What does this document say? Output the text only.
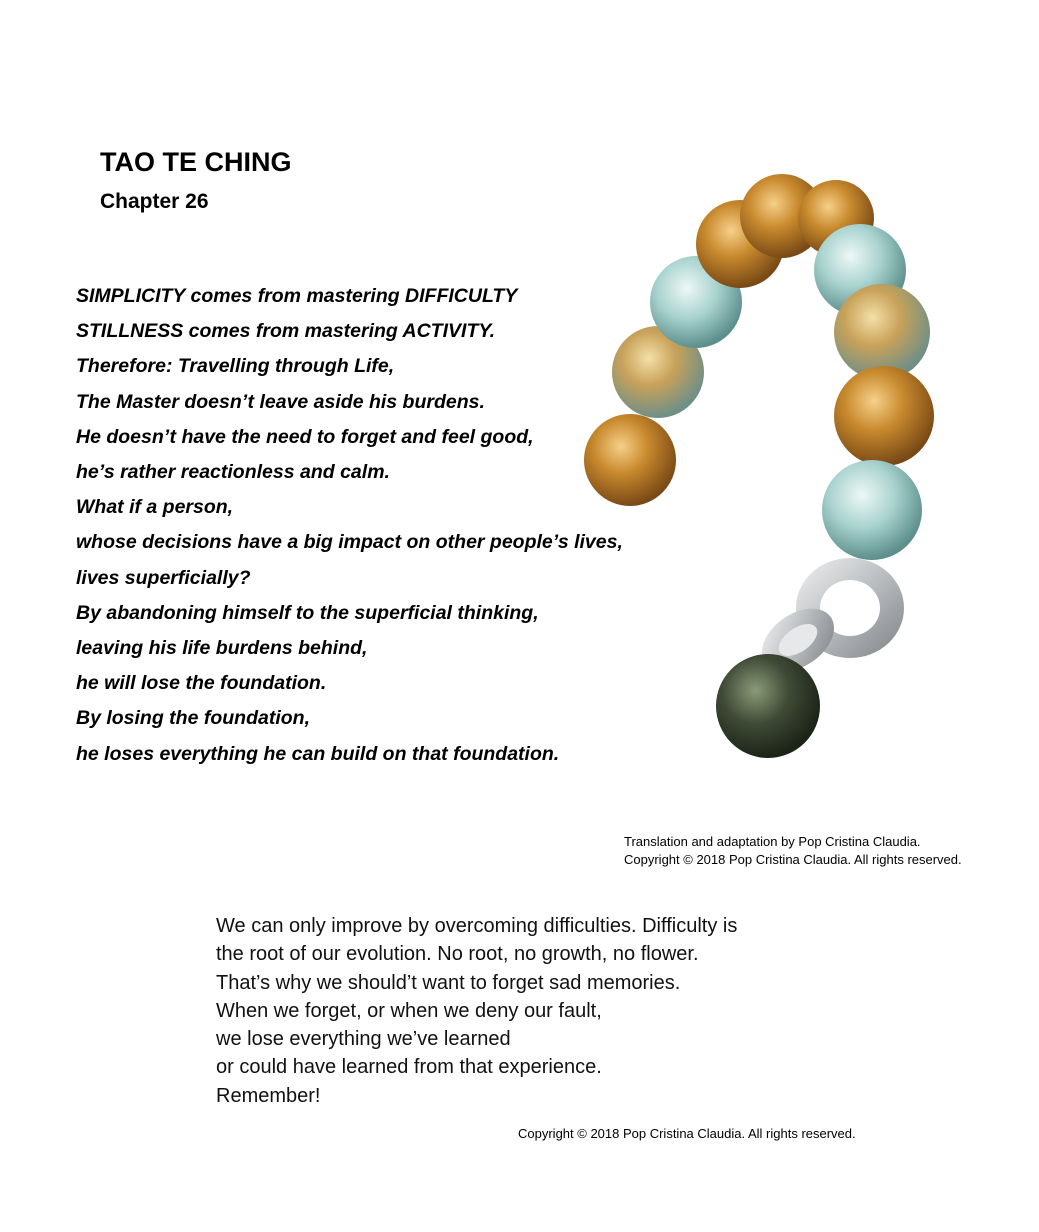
TAO TE CHING
Chapter 26
SIMPLICITY comes from mastering DIFFICULTY
STILLNESS comes from mastering ACTIVITY.
Therefore: Travelling through Life,
The Master doesn’t leave aside his burdens.
He doesn’t have the need to forget and feel good,
he’s rather reactionless and calm.
What if a person,
whose decisions have a big impact on other people’s lives,
lives superficially?
By abandoning himself to the superficial thinking,
leaving his life burdens behind,
he will lose the foundation.
By losing the foundation,
he loses everything he can build on that foundation.
Translation and adaptation by Pop Cristina Claudia.
Copyright © 2018 Pop Cristina Claudia. All rights reserved.
We can only improve by overcoming difficulties. Difficulty is
the root of our evolution. No root, no growth, no flower.
That’s why we should’t want to forget sad memories.
When we forget, or when we deny our fault,
we lose everything we’ve learned
or could have learned from that experience.
Remember!
Copyright © 2018 Pop Cristina Claudia. All rights reserved.
